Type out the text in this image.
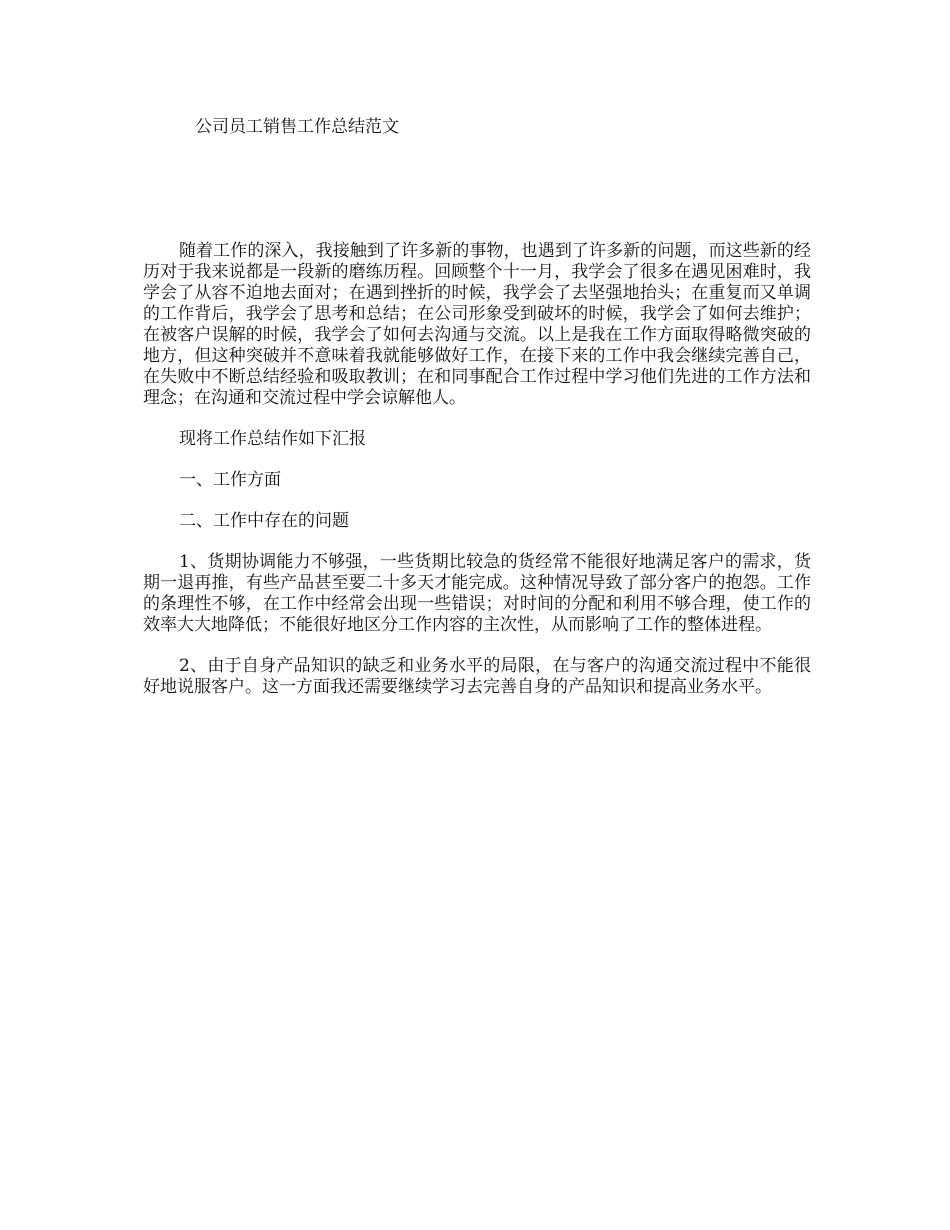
公司员工销售工作总结范文

随着工作的深入，我接触到了许多新的事物，也遇到了许多新的问题，而这些新的经历对于我来说都是一段新的磨练历程。回顾整个十一月，我学会了很多在遇见困难时，我学会了从容不迫地去面对；在遇到挫折的时候，我学会了去坚强地抬头；在重复而又单调的工作背后，我学会了思考和总结；在公司形象受到破坏的时候，我学会了如何去维护；在被客户误解的时候，我学会了如何去沟通与交流。以上是我在工作方面取得略微突破的地方，但这种突破并不意味着我就能够做好工作，在接下来的工作中我会继续完善自己，在失败中不断总结经验和吸取教训；在和同事配合工作过程中学习他们先进的工作方法和理念；在沟通和交流过程中学会谅解他人。

现将工作总结作如下汇报

一、工作方面

二、工作中存在的问题

1、货期协调能力不够强，一些货期比较急的货经常不能很好地满足客户的需求，货期一退再推，有些产品甚至要二十多天才能完成。这种情况导致了部分客户的抱怨。工作的条理性不够，在工作中经常会出现一些错误；对时间的分配和利用不够合理，使工作的效率大大地降低；不能很好地区分工作内容的主次性，从而影响了工作的整体进程。

2、由于自身产品知识的缺乏和业务水平的局限，在与客户的沟通交流过程中不能很好地说服客户。这一方面我还需要继续学习去完善自身的产品知识和提高业务水平。
